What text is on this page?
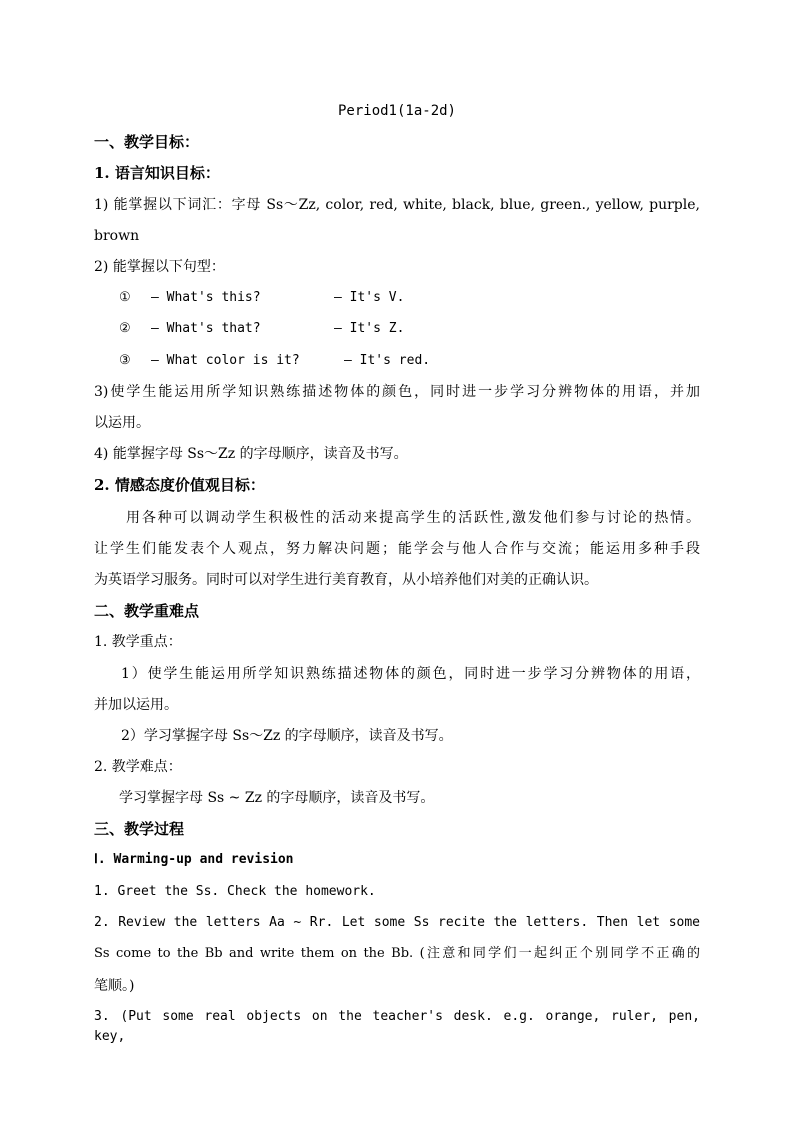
Period1(1a-2d)
一、教学目标：
1. 语言知识目标：
1) 能掌握以下词汇：字母 Ss～Zz, color, red, white, black, blue, green., yellow, purple,
brown
2) 能掌握以下句型：
① — What's this?	— It's V.
② — What's that?	— It's Z.
③ — What color is it?	— It's red.
3)使学生能运用所学知识熟练描述物体的颜色，同时进一步学习分辨物体的用语，并加
以运用。
4) 能掌握字母 Ss～Zz 的字母顺序，读音及书写。
2. 情感态度价值观目标：
用各种可以调动学生积极性的活动来提高学生的活跃性,激发他们参与讨论的热情。
让学生们能发表个人观点，努力解决问题；能学会与他人合作与交流；能运用多种手段
为英语学习服务。同时可以对学生进行美育教育，从小培养他们对美的正确认识。
二、教学重难点
1. 教学重点：
1）使学生能运用所学知识熟练描述物体的颜色，同时进一步学习分辨物体的用语，
并加以运用。
2）学习掌握字母 Ss～Zz 的字母顺序，读音及书写。
2. 教学难点：
学习掌握字母 Ss ~ Zz 的字母顺序，读音及书写。
三、教学过程
Ⅰ. Warming-up and revision
1. Greet the Ss. Check the homework.
2. Review the letters Aa ~ Rr. Let some Ss recite the letters. Then let some
Ss come to the Bb and write them on the Bb. (注意和同学们一起纠正个别同学不正确的
笔顺。)
3. (Put some real objects on the teacher's desk. e.g. orange, ruler, pen, key,
